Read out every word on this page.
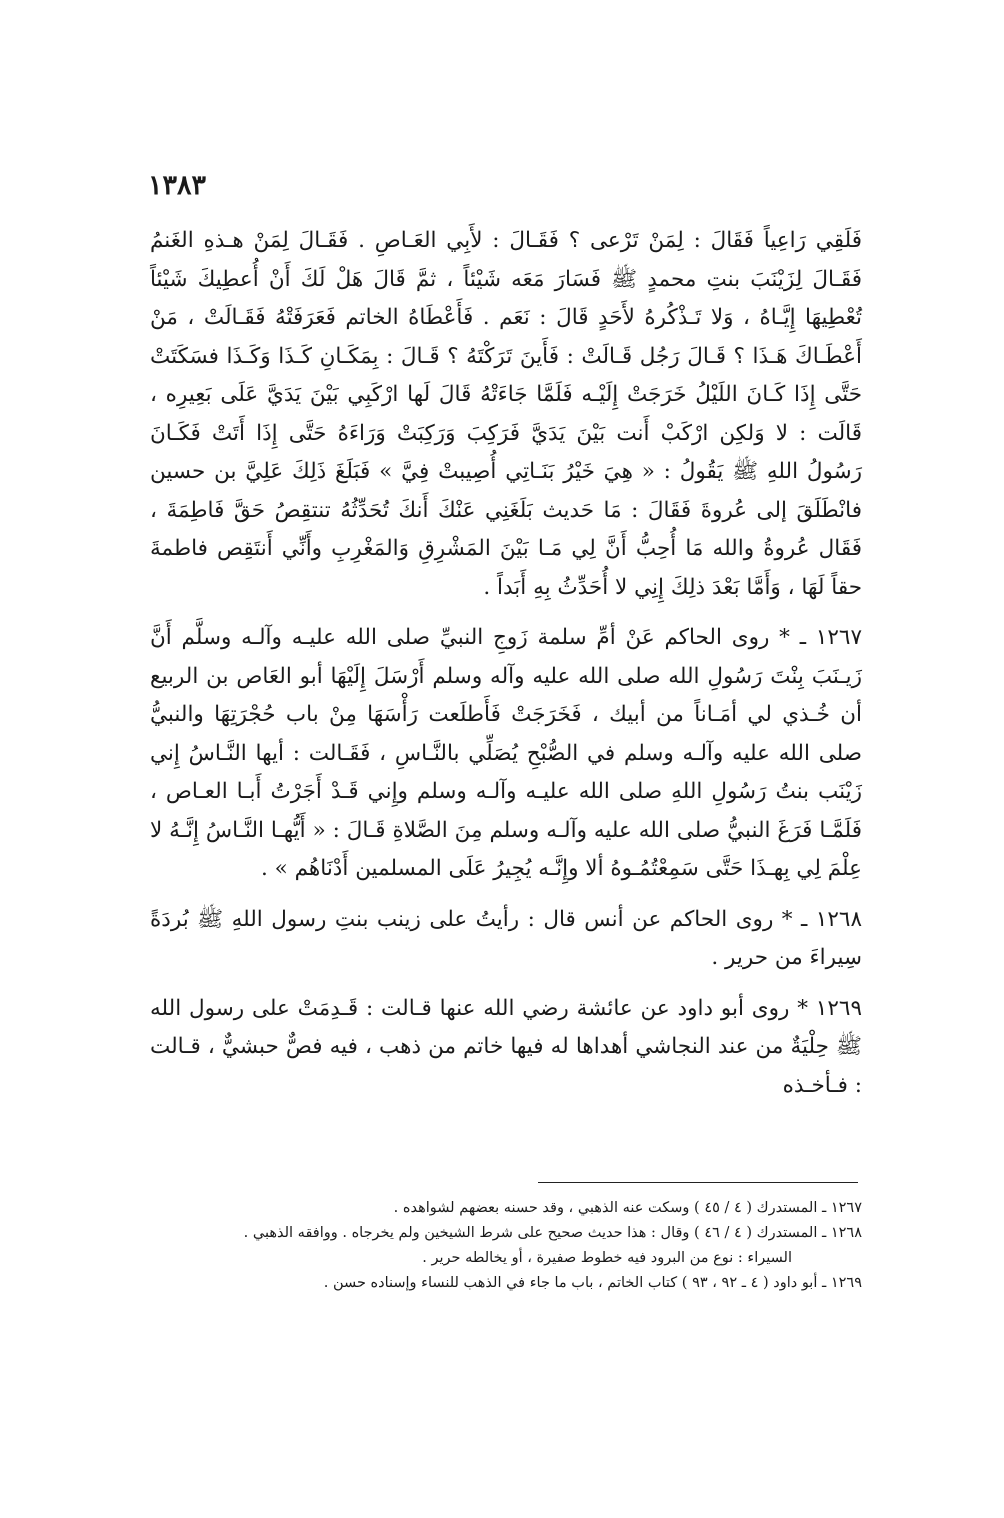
١٣٨٣

فَلَقِي رَاعِياً فَقَالَ : لِمَنْ تَرْعى ؟ فَقَـالَ : لأَبِي العَـاصِ . فَقَـالَ لِمَنْ هـذهِ الغَنمُ فَقَـالَ لِزَيْنَبَ بنتِ محمدٍ ﷺ فَسَارَ مَعَه شَيْئاً ، ثمَّ قَالَ هَلْ لَكَ أَنْ أُعطِيكَ شَيْئاً تُعْطِيهَا إِيَّـاهُ ، وَلا تَـذْكُرهُ لأَحَدٍ قَالَ : نَعَم . فَأَعْطَاهُ الخاتم فَعَرَفَتْهُ فَقَـالَتْ ، مَنْ أَعْطَـاكَ هَـذَا ؟ قَـالَ رَجُل قَـالَتْ : فَأَينَ تَرَكْتَهُ ؟ قَـالَ : بِمَكَـانِ كَـذَا وَكَـذَا فسَكَتَتْ حَتَّى إِذَا كَـانَ اللَيْلُ خَرَجَتْ إِلَيْـه فَلَمَّا جَاءَتْهُ قَالَ لَها ارْكَبِي بَيْنَ يَدَيَّ عَلَى بَعِيرِه ، قَالَت : لا وَلكِن ارْكَبْ أَنت بَيْنَ يَدَيَّ فَرَكِبَ وَرَكِبَتْ وَرَاءَهُ حَتَّى إِذَا أَتَتْ فَكَـانَ رَسُولُ اللهِ ﷺ يَقُولُ : « هِيَ خَيْرُ بَنَـاتِي أُصِيبتْ فِيَّ » فَبَلَغَ ذَلِكَ عَلِيَّ بن حسين فانْطَلَقَ إلى عُروةَ فَقَالَ : مَا حَديث بَلَغَنِي عَنْكَ أَنكَ تُحَدِّثُهُ تنتقِصُ حَقَّ فَاطِمَةَ ، فَقَال عُروةُ والله مَا أُحِبُّ أَنَّ لِي مَـا بَيْنَ المَشْرِقِ وَالمَغْرِبِ وأَنِّي أَنتَقِص فاطمةَ حقاً لَهَا ، وَأَمَّا بَعْدَ ذلِكَ إِنِي لا أُحَدِّثُ بِهِ أَبَداً .

١٢٦٧ ـ * روى الحاكم عَنْ أمِّ سلمة زَوجِ النبيِّ صلى الله عليـه وآلـه وسلَّم أَنَّ زَيـنَبَ بِنْتَ رَسُولِ الله صلى الله عليه وآله وسلم أَرْسَلَ إِلَيْهَا أبو العَاص بن الربيع أن خُـذي لي أمَـاناً من أبيك ، فَخَرَجَتْ فَأَطلَعت رَأْسَهَا مِنْ باب حُجْرَتِهَا والنبيُّ صلى الله عليه وآلـه وسلم في الصُّبْحِ يُصَلِّي بالنَّـاسِ ، فَقَـالت : أيها النَّـاسُ إِني زَيْنَب بنتُ رَسُولِ اللهِ صلى الله عليـه وآلـه وسلم وإِني قَـدْ أَجَرْتُ أَبـا العـاص ، فَلَمَّـا فَرَغَ النبيُّ صلى الله عليه وآلـه وسلم مِنَ الصَّلاةِ قَـالَ : « أَيُّهـا النَّـاسُ إِنَّـهُ لا عِلْمَ لِي بِهـذَا حَتَّى سَمِعْتُمُـوهُ ألا وإِنَّـه يُجِيرُ عَلَى المسلمين أَدْنَاهُم » .

١٢٦٨ ـ * روى الحاكم عن أنس قال : رأيتُ على زينب بنتِ رسول اللهِ ﷺ بُردَةً سِيراءَ من حرير .

١٢٦٩ * روى أبو داود عن عائشة رضي الله عنها قـالت : قَـدِمَتْ على رسول الله ﷺ حِلْيَةٌ من عند النجاشي أهداها له فيها خاتم من ذهب ، فيه فصٌّ حبشيٌّ ، قـالت : فـأخـذه

١٢٦٧ ـ المستدرك ( ٤ / ٤٥ ) وسكت عنه الذهبي ، وقد حسنه بعضهم لشواهده .

١٢٦٨ ـ المستدرك ( ٤ / ٤٦ ) وقال : هذا حديث صحيح على شرط الشيخين ولم يخرجاه . ووافقه الذهبي .

السيراء : نوع من البرود فيه خطوط صفيرة ، أو يخالطه حرير .

١٢٦٩ ـ أبو داود ( ٤ ـ ٩٢ ، ٩٣ ) كتاب الخاتم ، باب ما جاء في الذهب للنساء وإسناده حسن .
